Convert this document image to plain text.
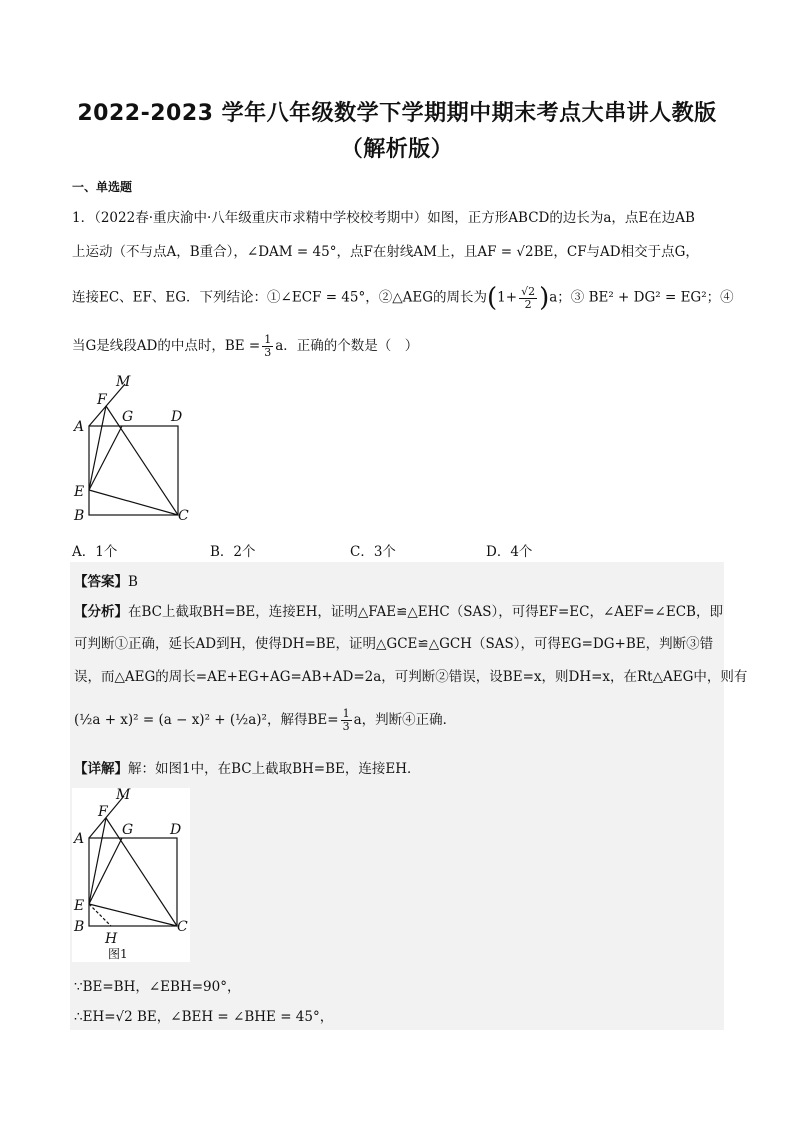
2022-2023 学年八年级数学下学期期中期末考点大串讲人教版
（解析版）
一、单选题
1．（2022春·重庆渝中·八年级重庆市求精中学校校考期中）如图，正方形ABCD的边长为a，点E在边AB
上运动（不与点A，B重合），∠DAM = 45°，点F在射线AM上，且AF = √2BE，CF与AD相交于点G，
连接EC、EF、EG．下列结论：①∠ECF = 45°，②△AEG的周长为$(1+ \frac{√2}{2} )a$；③ BE² + DG² = EG²；④
当G是线段AD的中点时，BE = $\frac{1}{3}$ a．正确的个数是（　）
M
F
G	D
A
E
B	C
A．1个	B．2个	C．3个	D．4个
【答案】B
【分析】在BC上截取BH=BE，连接EH，证明△FAE≌△EHC（SAS），可得EF=EC，∠AEF=∠ECB，即
可判断①正确，延长AD到H，使得DH=BE，证明△GCE≌△GCH（SAS），可得EG=DG+BE，判断③错
误，而△AEG的周长=AE+EG+AG=AB+AD=2a，可判断②错误，设BE=x，则DH=x，在Rt△AEG中，则有
(½a + x)² = (a − x)² + (½a)²，解得$BE= \frac{1}{3}$ a，判断④正确．
【详解】解：如图1中，在BC上截取BH=BE，连接EH．
M
F
G	D
A
E
B	C
H
图1
∵BE=BH，∠EBH=90°，
∴EH=√2 BE，∠BEH = ∠BHE = 45°，
